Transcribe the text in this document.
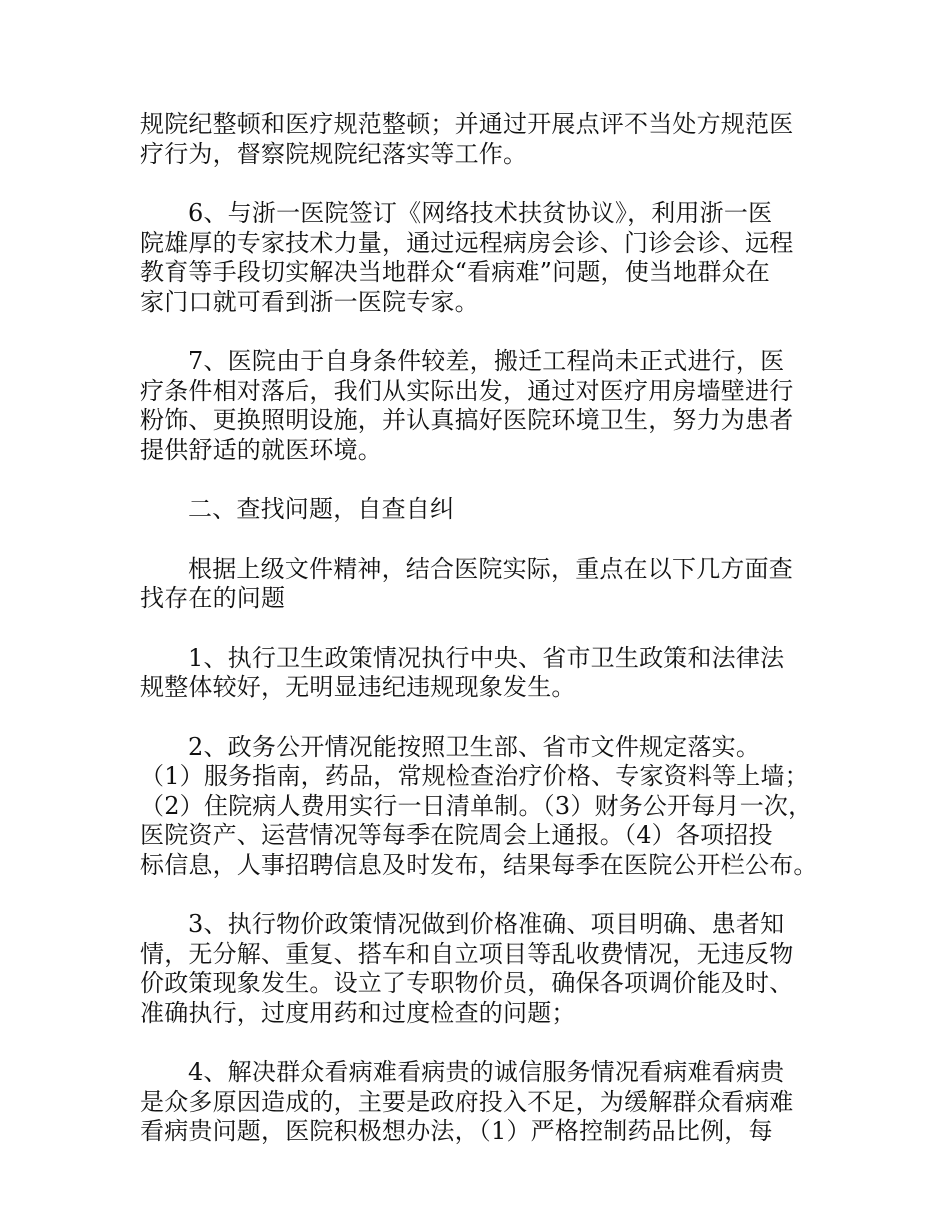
规院纪整顿和医疗规范整顿；并通过开展点评不当处方规范医
疗行为，督察院规院纪落实等工作。

6、与浙一医院签订《网络技术扶贫协议》，利用浙一医
院雄厚的专家技术力量，通过远程病房会诊、门诊会诊、远程
教育等手段切实解决当地群众“看病难”问题，使当地群众在
家门口就可看到浙一医院专家。

7、医院由于自身条件较差，搬迁工程尚未正式进行，医
疗条件相对落后，我们从实际出发，通过对医疗用房墙壁进行
粉饰、更换照明设施，并认真搞好医院环境卫生，努力为患者
提供舒适的就医环境。

二、查找问题，自查自纠

根据上级文件精神，结合医院实际，重点在以下几方面查
找存在的问题

1、执行卫生政策情况执行中央、省市卫生政策和法律法
规整体较好，无明显违纪违规现象发生。

2、政务公开情况能按照卫生部、省市文件规定落实。
（1）服务指南，药品，常规检查治疗价格、专家资料等上墙；
（2）住院病人费用实行一日清单制。（3）财务公开每月一次，
医院资产、运营情况等每季在院周会上通报。（4）各项招投
标信息，人事招聘信息及时发布，结果每季在医院公开栏公布。

3、执行物价政策情况做到价格准确、项目明确、患者知
情，无分解、重复、搭车和自立项目等乱收费情况，无违反物
价政策现象发生。设立了专职物价员，确保各项调价能及时、
准确执行，过度用药和过度检查的问题；

4、解决群众看病难看病贵的诚信服务情况看病难看病贵
是众多原因造成的，主要是政府投入不足，为缓解群众看病难
看病贵问题，医院积极想办法，（1）严格控制药品比例，每
